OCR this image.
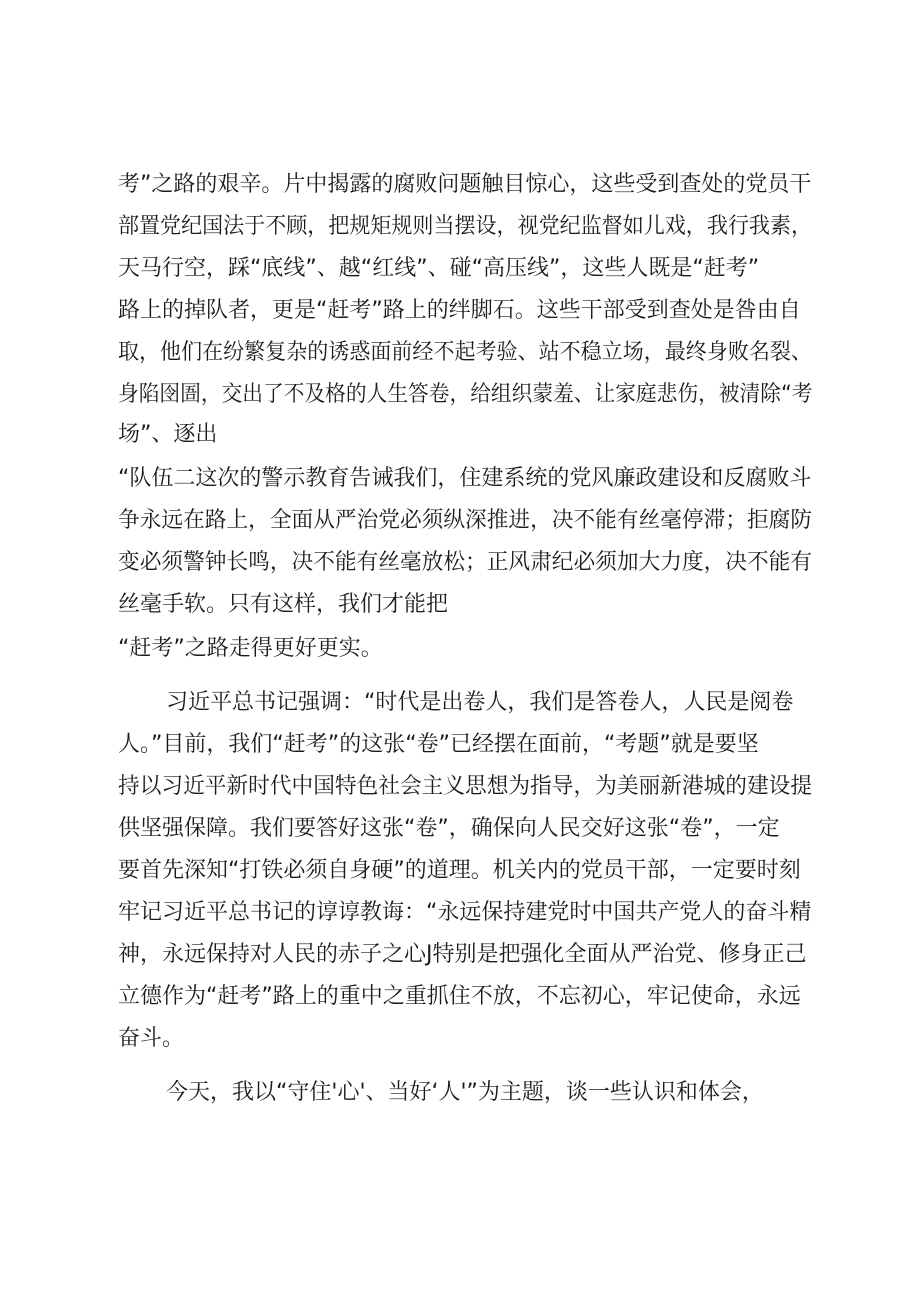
考”之路的艰辛。片中揭露的腐败问题触目惊心，这些受到查处的党员干
部置党纪国法于不顾，把规矩规则当摆设，视党纪监督如儿戏，我行我素，
天马行空，踩“底线”、越“红线”、碰“高压线”，这些人既是“赶考”
路上的掉队者，更是“赶考”路上的绊脚石。这些干部受到查处是咎由自
取，他们在纷繁复杂的诱惑面前经不起考验、站不稳立场，最终身败名裂、
身陷囹圄，交出了不及格的人生答卷，给组织蒙羞、让家庭悲伤，被清除“考
场”、逐出
“队伍二这次的警示教育告诫我们，住建系统的党风廉政建设和反腐败斗
争永远在路上，全面从严治党必须纵深推进，决不能有丝毫停滞；拒腐防
变必须警钟长鸣，决不能有丝毫放松；正风肃纪必须加大力度，决不能有
丝毫手软。只有这样，我们才能把
“赶考”之路走得更好更实。
习近平总书记强调：“时代是出卷人，我们是答卷人，人民是阅卷
人。”目前，我们“赶考”的这张“卷”已经摆在面前，“考题”就是要坚
持以习近平新时代中国特色社会主义思想为指导，为美丽新港城的建设提
供坚强保障。我们要答好这张“卷”，确保向人民交好这张“卷”，一定
要首先深知“打铁必须自身硬”的道理。机关内的党员干部，一定要时刻
牢记习近平总书记的谆谆教诲：“永远保持建党时中国共产党人的奋斗精
神，永远保持对人民的赤子之心J特别是把强化全面从严治党、修身正己
立德作为“赶考”路上的重中之重抓住不放，不忘初心，牢记使命，永远
奋斗。
今天，我以“守住'心'、当好‘人'”为主题，谈一些认识和体会，
